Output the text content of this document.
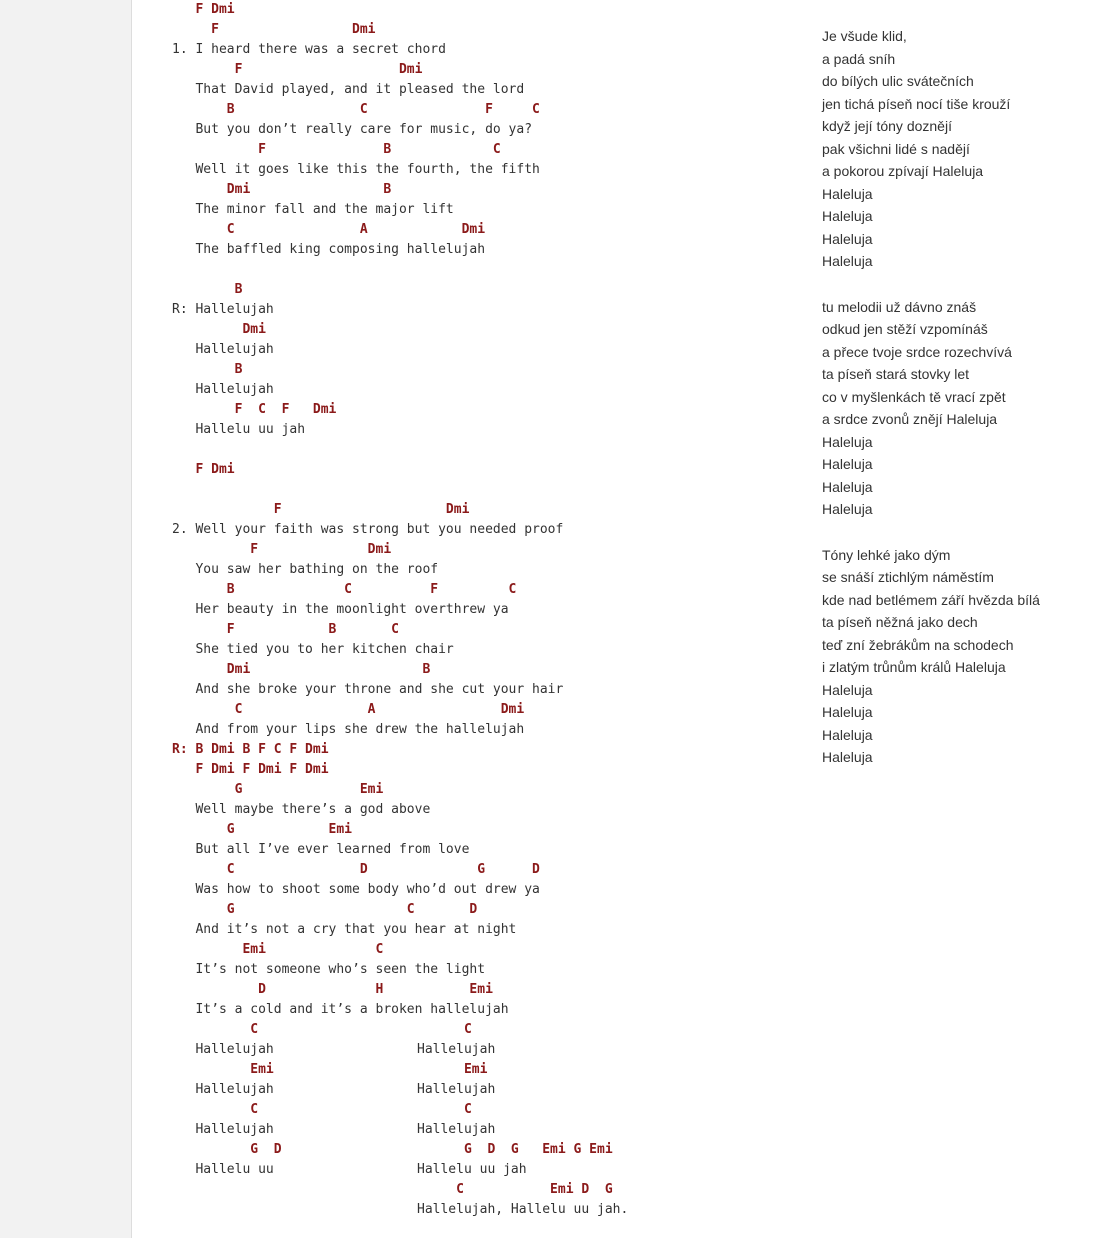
F Dmi
F                 Dmi
1. I heard there was a secret chord
F                    Dmi
That David played, and it pleased the lord
B                C               F     C
But you don’t really care for music, do ya?
F               B             C
Well it goes like this the fourth, the fifth
Dmi                 B
The minor fall and the major lift
C                A            Dmi
The baffled king composing hallelujah
B
R: Hallelujah
Dmi
Hallelujah
B
Hallelujah
F  C  F   Dmi
Hallelu uu jah
F Dmi
F                     Dmi
2. Well your faith was strong but you needed proof
F              Dmi
You saw her bathing on the roof
B              C          F         C
Her beauty in the moonlight overthrew ya
F            B       C
She tied you to her kitchen chair
Dmi                      B
And she broke your throne and she cut your hair
C                A                Dmi
And from your lips she drew the hallelujah
R: B Dmi B F C F Dmi
F Dmi F Dmi F Dmi
G               Emi
Well maybe there’s a god above
G            Emi
But all I’ve ever learned from love
C                D              G      D
Was how to shoot some body who’d out drew ya
G                      C       D
And it’s not a cry that you hear at night
Emi              C
It’s not someone who’s seen the light
D              H           Emi
It’s a cold and it’s a broken hallelujah
C	C
Hallelujah	Hallelujah
Emi	Emi
Hallelujah	Hallelujah
C	C
Hallelujah	Hallelujah
G  D	G  D  G   Emi G Emi
Hallelu uu	Hallelu uu jah
C           Emi D  G
Hallelujah, Hallelu uu jah.
Je všude klid,
a padá sníh
do bílých ulic svátečních
jen tichá píseň nocí tiše krouží
když její tóny doznějí
pak všichni lidé s nadějí
a pokorou zpívají Haleluja
Haleluja
Haleluja
Haleluja
Haleluja
tu melodii už dávno znáš
odkud jen stěží vzpomínáš
a přece tvoje srdce rozechvívá
ta píseň stará stovky let
co v myšlenkách tě vrací zpět
a srdce zvonů znějí Haleluja
Haleluja
Haleluja
Haleluja
Haleluja
Tóny lehké jako dým
se snáší ztichlým náměstím
kde nad betlémem září hvězda bílá
ta píseň něžná jako dech
teď zní žebrákům na schodech
i zlatým trůnům králů Haleluja
Haleluja
Haleluja
Haleluja
Haleluja
